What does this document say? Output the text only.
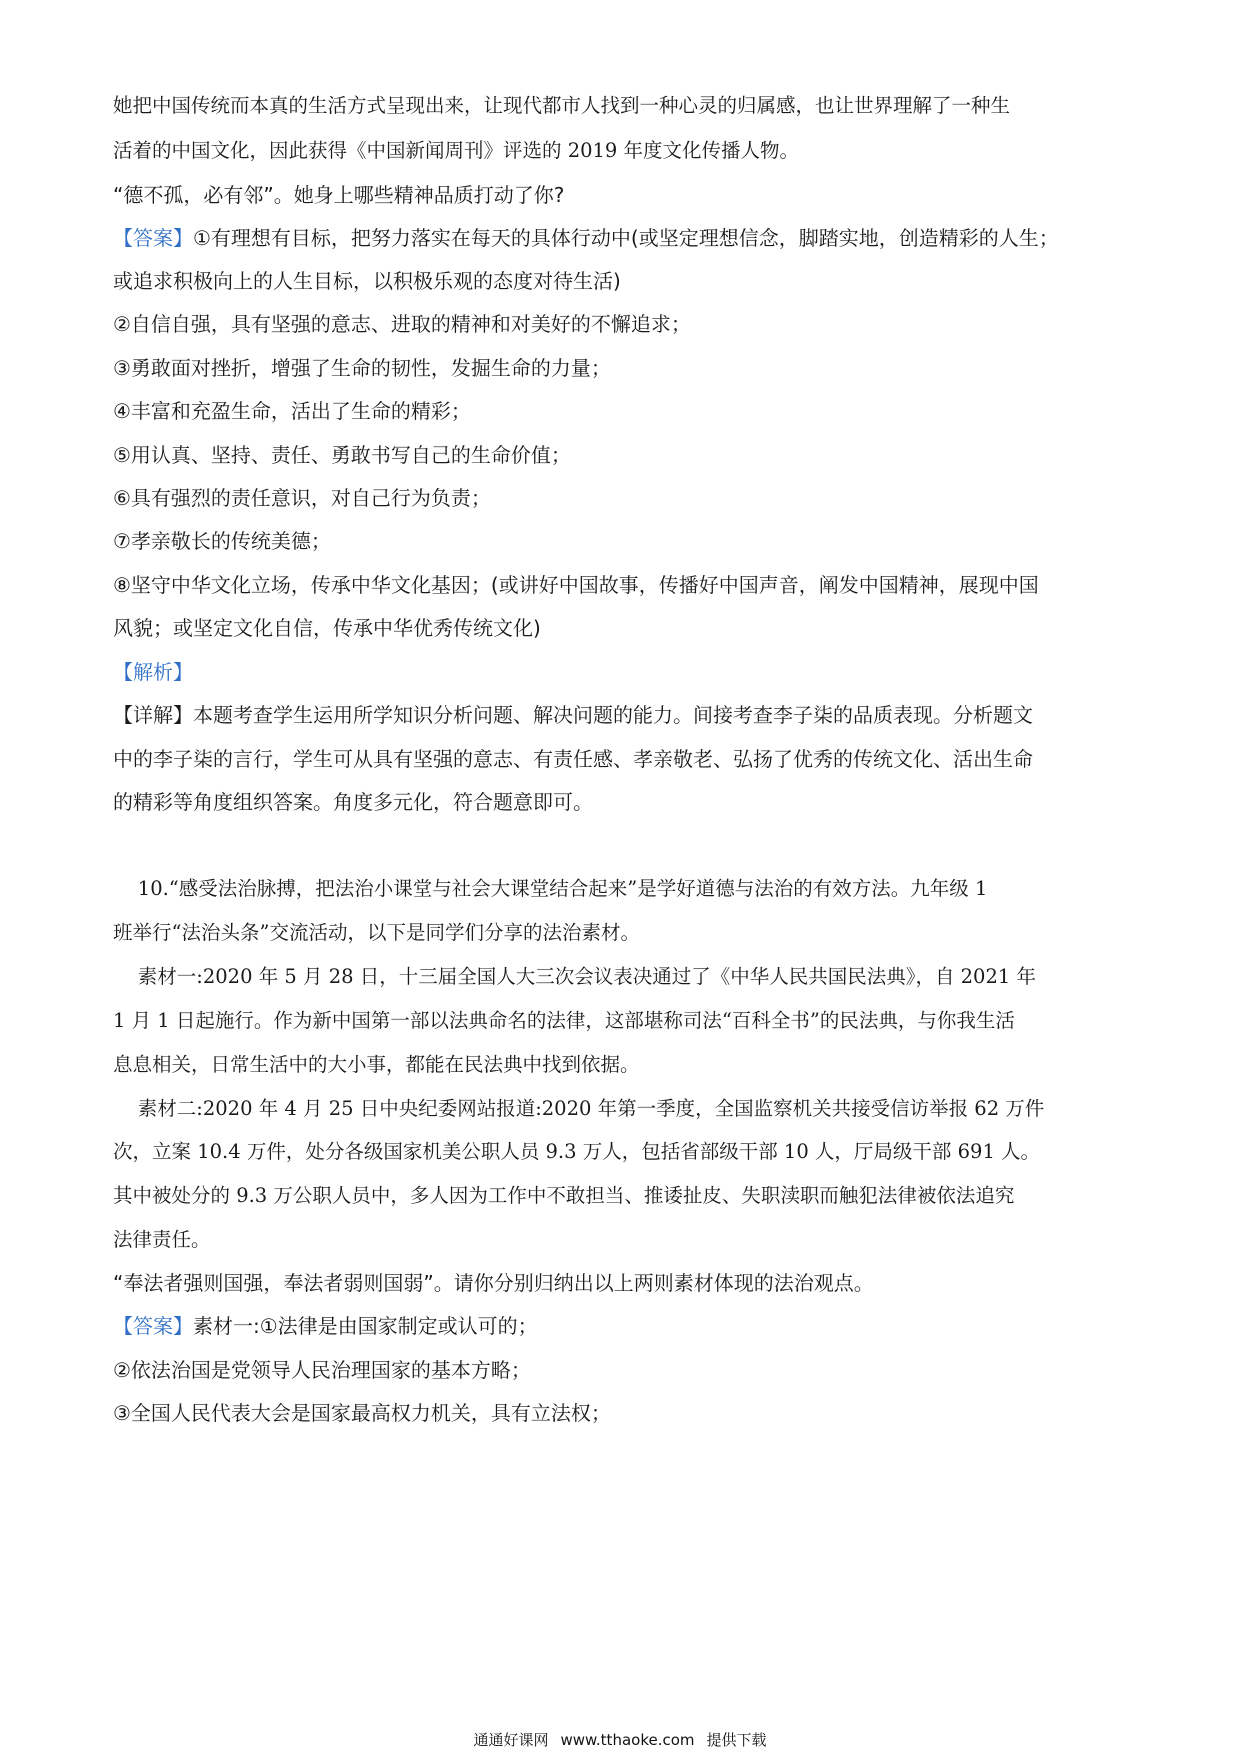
她把中国传统而本真的生活方式呈现出来，让现代都市人找到一种心灵的归属感，也让世界理解了一种生
活着的中国文化，因此获得《中国新闻周刊》评选的 2019 年度文化传播人物。
“德不孤，必有邻”。她身上哪些精神品质打动了你?
【答案】①有理想有目标，把努力落实在每天的具体行动中(或坚定理想信念，脚踏实地，创造精彩的人生；
或追求积极向上的人生目标，以积极乐观的态度对待生活)
②自信自强，具有坚强的意志、进取的精神和对美好的不懈追求；
③勇敢面对挫折，增强了生命的韧性，发掘生命的力量；
④丰富和充盈生命，活出了生命的精彩；
⑤用认真、坚持、责任、勇敢书写自己的生命价值；
⑥具有强烈的责任意识，对自己行为负责；
⑦孝亲敬长的传统美德；
⑧坚守中华文化立场，传承中华文化基因；(或讲好中国故事，传播好中国声音，阐发中国精神，展现中国
风貌；或坚定文化自信，传承中华优秀传统文化)
【解析】
【详解】本题考查学生运用所学知识分析问题、解决问题的能力。间接考查李子柒的品质表现。分析题文
中的李子柒的言行，学生可从具有坚强的意志、有责任感、孝亲敬老、弘扬了优秀的传统文化、活出生命
的精彩等角度组织答案。角度多元化，符合题意即可。
10.“感受法治脉搏，把法治小课堂与社会大课堂结合起来”是学好道德与法治的有效方法。九年级 1
班举行“法治头条”交流活动，以下是同学们分享的法治素材。
素材一:2020 年 5 月 28 日，十三届全国人大三次会议表决通过了《中华人民共国民法典》，自 2021 年
1 月 1 日起施行。作为新中国第一部以法典命名的法律，这部堪称司法“百科全书”的民法典，与你我生活
息息相关，日常生活中的大小事，都能在民法典中找到依据。
素材二:2020 年 4 月 25 日中央纪委网站报道:2020 年第一季度，全国监察机关共接受信访举报 62 万件
次，立案 10.4 万件，处分各级国家机美公职人员 9.3 万人，包括省部级干部 10 人，厅局级干部 691 人。
其中被处分的 9.3 万公职人员中，多人因为工作中不敢担当、推诿扯皮、失职渎职而触犯法律被依法追究
法律责任。
“奉法者强则国强，奉法者弱则国弱”。请你分别归纳出以上两则素材体现的法治观点。
【答案】素材一:①法律是由国家制定或认可的；
②依法治国是党领导人民治理国家的基本方略；
③全国人民代表大会是国家最高权力机关，具有立法权；
通通好课网 www.tthaoke.com 提供下载
